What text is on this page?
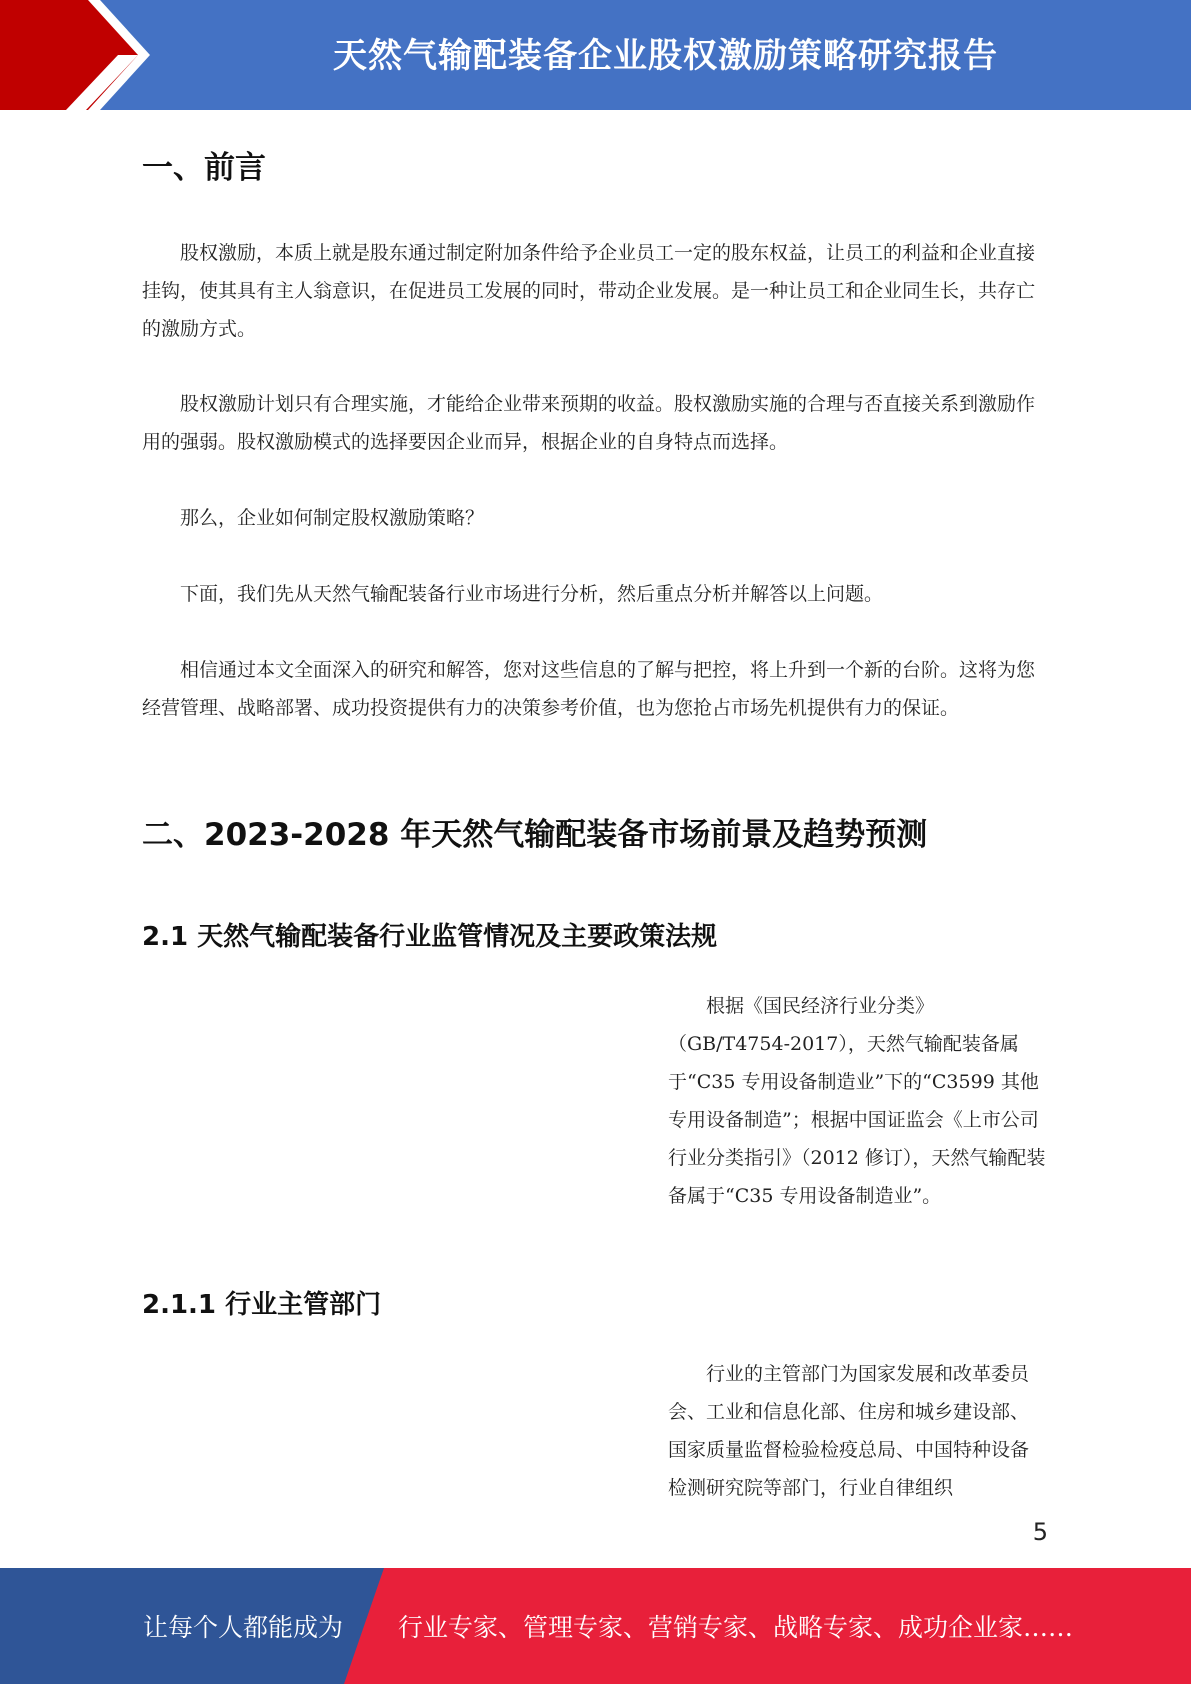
天然气输配装备企业股权激励策略研究报告
一、前言

股权激励，本质上就是股东通过制定附加条件给予企业员工一定的股东权益，让员工的利益和企业直接挂钩，使其具有主人翁意识，在促进员工发展的同时，带动企业发展。是一种让员工和企业同生长，共存亡的激励方式。

股权激励计划只有合理实施，才能给企业带来预期的收益。股权激励实施的合理与否直接关系到激励作用的强弱。股权激励模式的选择要因企业而异，根据企业的自身特点而选择。

那么，企业如何制定股权激励策略？

下面，我们先从天然气输配装备行业市场进行分析，然后重点分析并解答以上问题。

相信通过本文全面深入的研究和解答，您对这些信息的了解与把控，将上升到一个新的台阶。这将为您经营管理、战略部署、成功投资提供有力的决策参考价值，也为您抢占市场先机提供有力的保证。

二、2023-2028 年天然气输配装备市场前景及趋势预测
2.1 天然气输配装备行业监管情况及主要政策法规

根据《国民经济行业分类》（GB/T4754-2017），天然气输配装备属于“C35 专用设备制造业”下的“C3599 其他专用设备制造”；根据中国证监会《上市公司行业分类指引》（2012 修订），天然气输配装备属于“C35 专用设备制造业”。

2.1.1 行业主管部门

行业的主管部门为国家发展和改革委员会、工业和信息化部、住房和城乡建设部、国家质量监督检验检疫总局、中国特种设备检测研究院等部门，行业自律组织

5
让每个人都能成为 行业专家、管理专家、营销专家、战略专家、成功企业家……
